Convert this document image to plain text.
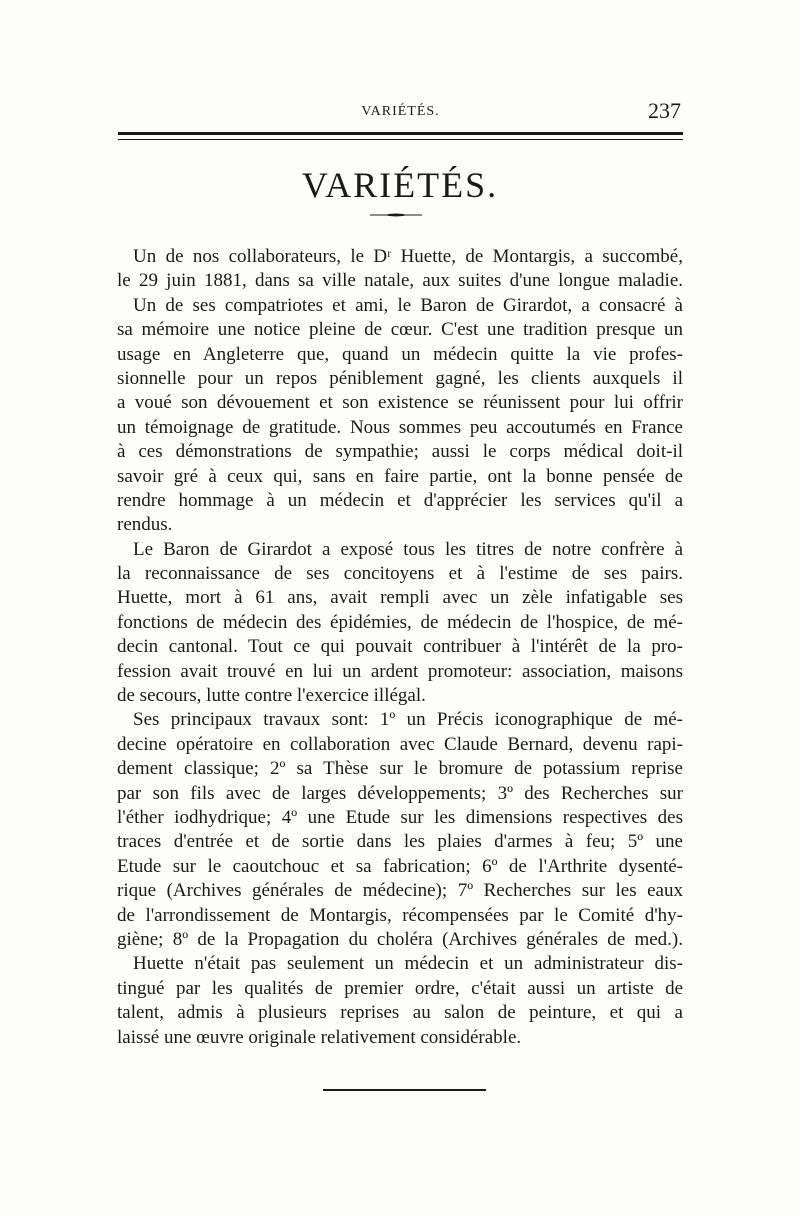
VARIÉTÉS.	237
VARIÉTÉS.
Un de nos collaborateurs, le Dʳ Huette, de Montargis, a succombé,
le 29 juin 1881, dans sa ville natale, aux suites d'une longue maladie.
Un de ses compatriotes et ami, le Baron de Girardot, a consacré à
sa mémoire une notice pleine de cœur. C'est une tradition presque un
usage en Angleterre que, quand un médecin quitte la vie profes-
sionnelle pour un repos péniblement gagné, les clients auxquels il
a voué son dévouement et son existence se réunissent pour lui offrir
un témoignage de gratitude. Nous sommes peu accoutumés en France
à ces démonstrations de sympathie; aussi le corps médical doit-il
savoir gré à ceux qui, sans en faire partie, ont la bonne pensée de
rendre hommage à un médecin et d'apprécier les services qu'il a
rendus.
Le Baron de Girardot a exposé tous les titres de notre confrère à
la reconnaissance de ses concitoyens et à l'estime de ses pairs.
Huette, mort à 61 ans, avait rempli avec un zèle infatigable ses
fonctions de médecin des épidémies, de médecin de l'hospice, de mé-
decin cantonal. Tout ce qui pouvait contribuer à l'intérêt de la pro-
fession avait trouvé en lui un ardent promoteur: association, maisons
de secours, lutte contre l'exercice illégal.
Ses principaux travaux sont: 1º un Précis iconographique de mé-
decine opératoire en collaboration avec Claude Bernard, devenu rapi-
dement classique; 2º sa Thèse sur le bromure de potassium reprise
par son fils avec de larges développements; 3º des Recherches sur
l'éther iodhydrique; 4º une Etude sur les dimensions respectives des
traces d'entrée et de sortie dans les plaies d'armes à feu; 5º une
Etude sur le caoutchouc et sa fabrication; 6º de l'Arthrite dysenté-
rique (Archives générales de médecine); 7º Recherches sur les eaux
de l'arrondissement de Montargis, récompensées par le Comité d'hy-
giène; 8º de la Propagation du choléra (Archives générales de med.).
Huette n'était pas seulement un médecin et un administrateur dis-
tingué par les qualités de premier ordre, c'était aussi un artiste de
talent, admis à plusieurs reprises au salon de peinture, et qui a
laissé une œuvre originale relativement considérable.
